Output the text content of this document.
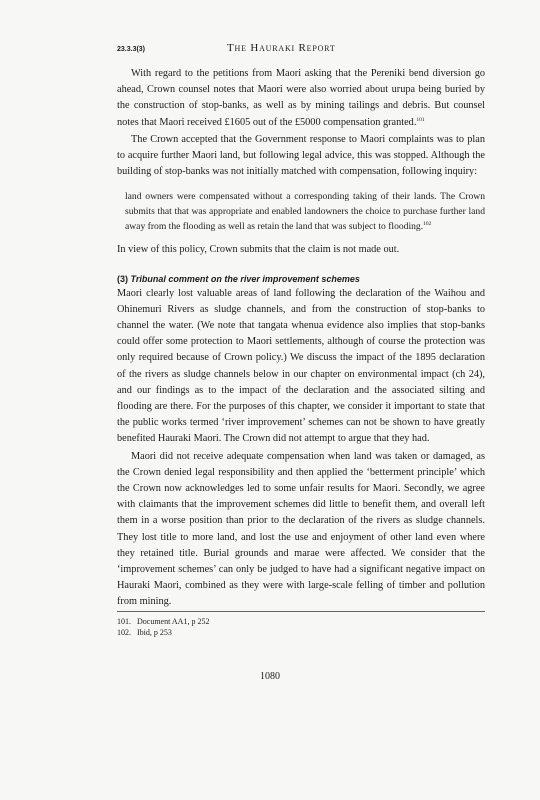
23.3.3(3)	The Hauraki Report

With regard to the petitions from Maori asking that the Pereniki bend diversion go ahead, Crown counsel notes that Maori were also worried about urupa being buried by the construction of stop-banks, as well as by mining tailings and debris. But counsel notes that Maori received £1605 out of the £5000 compensation granted.$^{101}$

The Crown accepted that the Government response to Maori complaints was to plan to acquire further Maori land, but following legal advice, this was stopped. Although the building of stop-banks was not initially matched with compensation, following inquiry:

land owners were compensated without a corresponding taking of their lands. The Crown submits that that was appropriate and enabled landowners the choice to purchase further land away from the flooding as well as retain the land that was subject to flooding.$^{102}$

In view of this policy, Crown submits that the claim is not made out.

(3) Tribunal comment on the river improvement schemes

Maori clearly lost valuable areas of land following the declaration of the Waihou and Ohinemuri Rivers as sludge channels, and from the construction of stop-banks to channel the water. (We note that tangata whenua evidence also implies that stop-banks could offer some protection to Maori settlements, although of course the protection was only required because of Crown policy.) We discuss the impact of the 1895 declaration of the rivers as sludge channels below in our chapter on environmental impact (ch 24), and our findings as to the impact of the declaration and the associated silting and flooding are there. For the purposes of this chapter, we consider it important to state that the public works termed ‘river improvement’ schemes can not be shown to have greatly benefited Hauraki Maori. The Crown did not attempt to argue that they had.

Maori did not receive adequate compensation when land was taken or damaged, as the Crown denied legal responsibility and then applied the ‘betterment principle’ which the Crown now acknowledges led to some unfair results for Maori. Secondly, we agree with claimants that the improvement schemes did little to benefit them, and overall left them in a worse position than prior to the declaration of the rivers as sludge channels. They lost title to more land, and lost the use and enjoyment of other land even where they retained title. Burial grounds and marae were affected. We consider that the ‘improvement schemes’ can only be judged to have had a significant negative impact on Hauraki Maori, combined as they were with large-scale felling of timber and pollution from mining.

101. Document AA1, p 252
102. Ibid, p 253
1080
